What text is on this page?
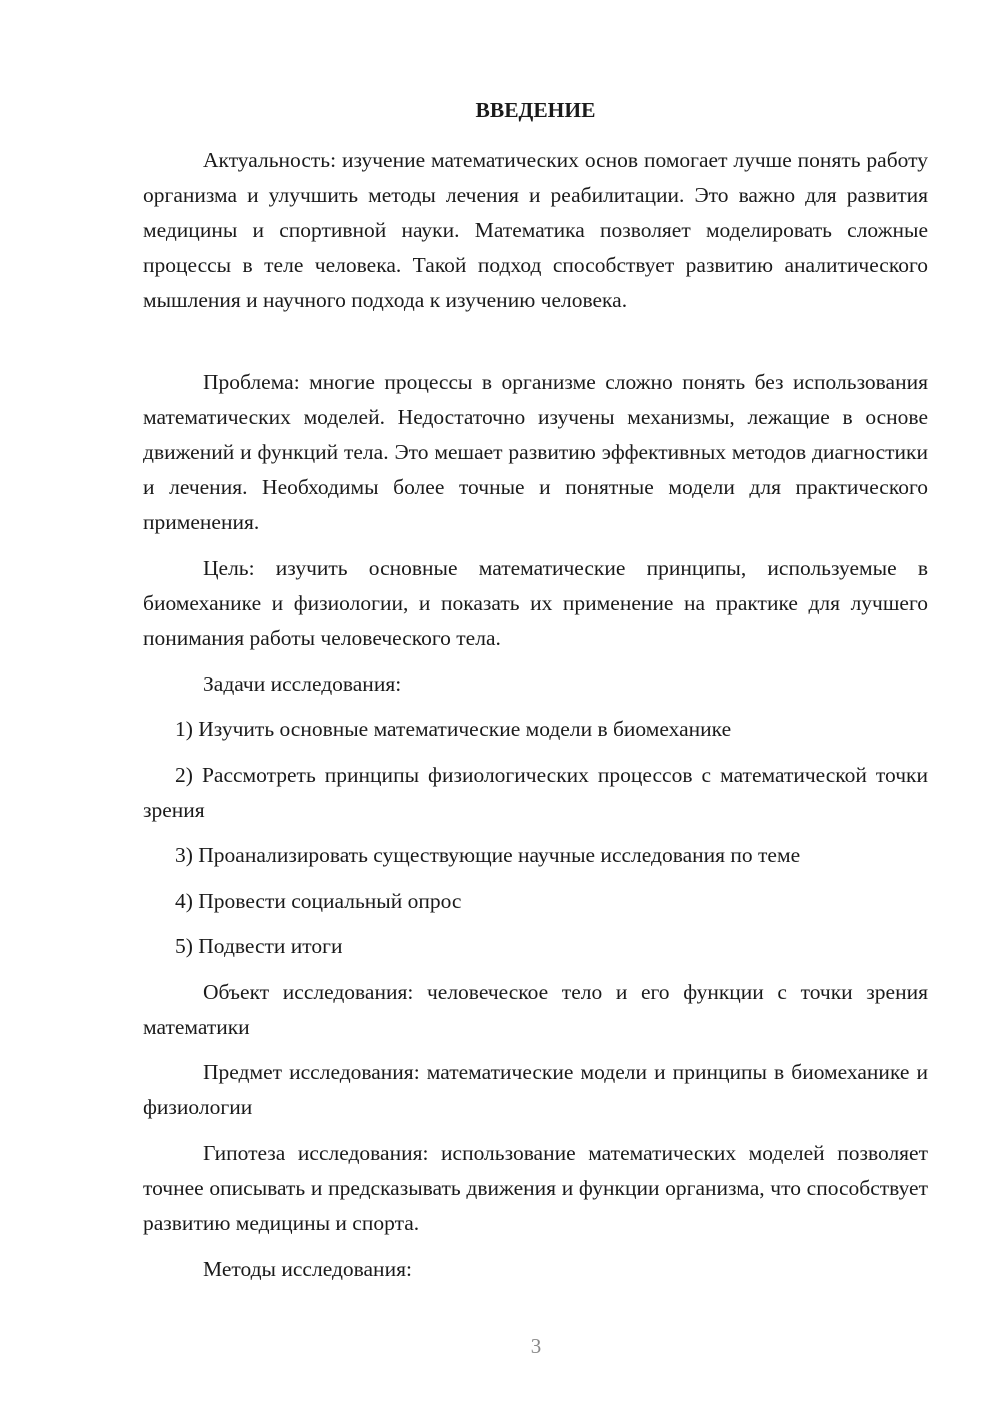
ВВЕДЕНИЕ

Актуальность: изучение математических основ помогает лучше понять работу организма и улучшить методы лечения и реабилитации. Это важно для развития медицины и спортивной науки. Математика позволяет моделировать сложные процессы в теле человека. Такой подход способствует развитию аналитического мышления и научного подхода к изучению человека.

Проблема: многие процессы в организме сложно понять без использования математических моделей. Недостаточно изучены механизмы, лежащие в основе движений и функций тела. Это мешает развитию эффективных методов диагностики и лечения. Необходимы более точные и понятные модели для практического применения.

Цель: изучить основные математические принципы, используемые в биомеханике и физиологии, и показать их применение на практике для лучшего понимания работы человеческого тела.

Задачи исследования:

1) Изучить основные математические модели в биомеханике

2) Рассмотреть принципы физиологических процессов с математической точки зрения

3) Проанализировать существующие научные исследования по теме

4) Провести социальный опрос

5) Подвести итоги

Объект исследования: человеческое тело и его функции с точки зрения математики

Предмет исследования: математические модели и принципы в биомеханике и физиологии

Гипотеза исследования: использование математических моделей позволяет точнее описывать и предсказывать движения и функции организма, что способствует развитию медицины и спорта.

Методы исследования:

3
